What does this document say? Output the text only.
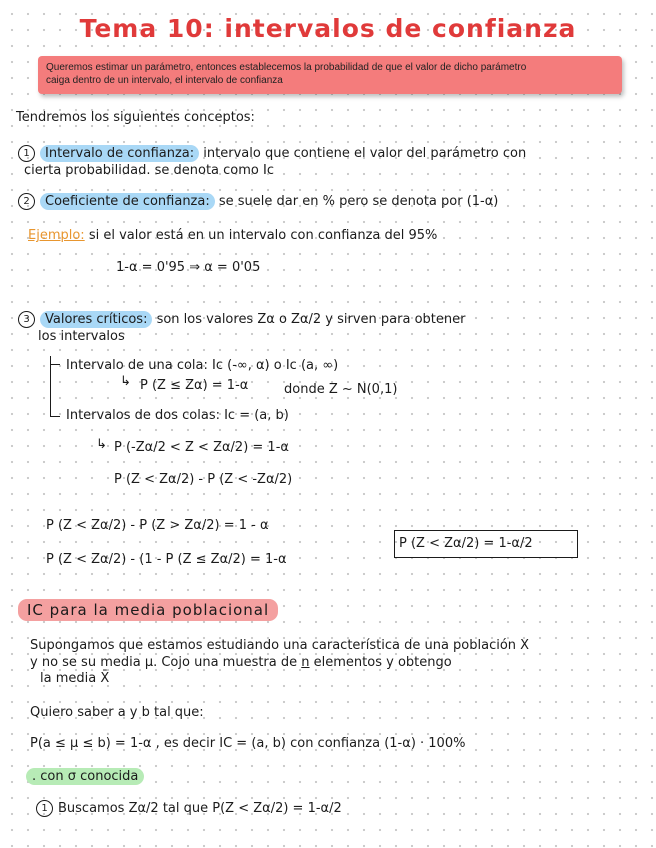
Tema 10: intervalos de confianza
Queremos estimar un parámetro, entonces establecemos la probabilidad de que el valor de dicho parámetro
caiga dentro de un intervalo, el intervalo de confianza
Tendremos los siguientes conceptos:
1 Intervalo de confianza: intervalo que contiene el valor del parámetro con
cierta probabilidad. se denota como Ic
2 Coeficiente de confianza: se suele dar en % pero se denota por (1-α)
Ejemplo: si el valor está en un intervalo con confianza del 95%
1-α = 0'95 ⇒ α = 0'05
3 Valores críticos: son los valores Zα o Zα/2 y sirven para obtener
los intervalos
Intervalo de una cola: Ic (-∞, α) o Ic (a, ∞)
↳ P (Z ≤ Zα) = 1-α	donde Z ~ N(0,1)
Intervalos de dos colas: Ic = (a, b)
↳ P (-Zα/2 < Z < Zα/2) = 1-α
P (Z < Zα/2) - P (Z < -Zα/2)
P (Z < Zα/2) - P (Z > Zα/2) = 1 - α
P (Z < Zα/2) - (1 - P (Z ≤ Zα/2) = 1-α
P (Z < Zα/2) = 1-α/2
IC para la media poblacional
Supongamos que estamos estudiando una característica de una población X
y no se su media μ. Cojo una muestra de n elementos y obtengo
la media X̄
Quiero saber a y b tal que:
P(a ≤ μ ≤ b) = 1-α , es decir IC = (a, b) con confianza (1-α) · 100%
. con σ conocida
1 Buscamos Zα/2 tal que P(Z < Zα/2) = 1-α/2
